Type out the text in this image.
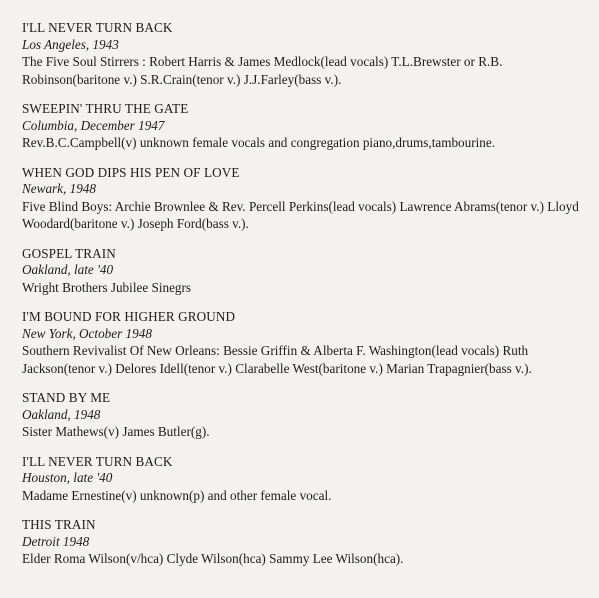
I'LL NEVER TURN BACK
Los Angeles, 1943
The Five Soul Stirrers : Robert Harris & James Medlock(lead vocals) T.L.Brewster or R.B. Robinson(baritone v.) S.R.Crain(tenor v.) J.J.Farley(bass v.).
SWEEPIN' THRU THE GATE
Columbia, December 1947
Rev.B.C.Campbell(v) unknown female vocals and congregation piano,drums,tambourine.
WHEN GOD DIPS HIS PEN OF LOVE
Newark, 1948
Five Blind Boys: Archie Brownlee & Rev. Percell Perkins(lead vocals) Lawrence Abrams(tenor v.) Lloyd Woodard(baritone v.) Joseph Ford(bass v.).
GOSPEL TRAIN
Oakland, late '40
Wright Brothers Jubilee Sinegrs
I'M BOUND FOR HIGHER GROUND
New York, October 1948
Southern Revivalist Of New Orleans: Bessie Griffin & Alberta F. Washington(lead vocals) Ruth Jackson(tenor v.) Delores Idell(tenor v.) Clarabelle West(baritone v.) Marian Trapagnier(bass v.).
STAND BY ME
Oakland, 1948
Sister Mathews(v) James Butler(g).
I'LL NEVER TURN BACK
Houston, late '40
Madame Ernestine(v) unknown(p) and other female vocal.
THIS TRAIN
Detroit 1948
Elder Roma Wilson(v/hca) Clyde Wilson(hca) Sammy Lee Wilson(hca).
